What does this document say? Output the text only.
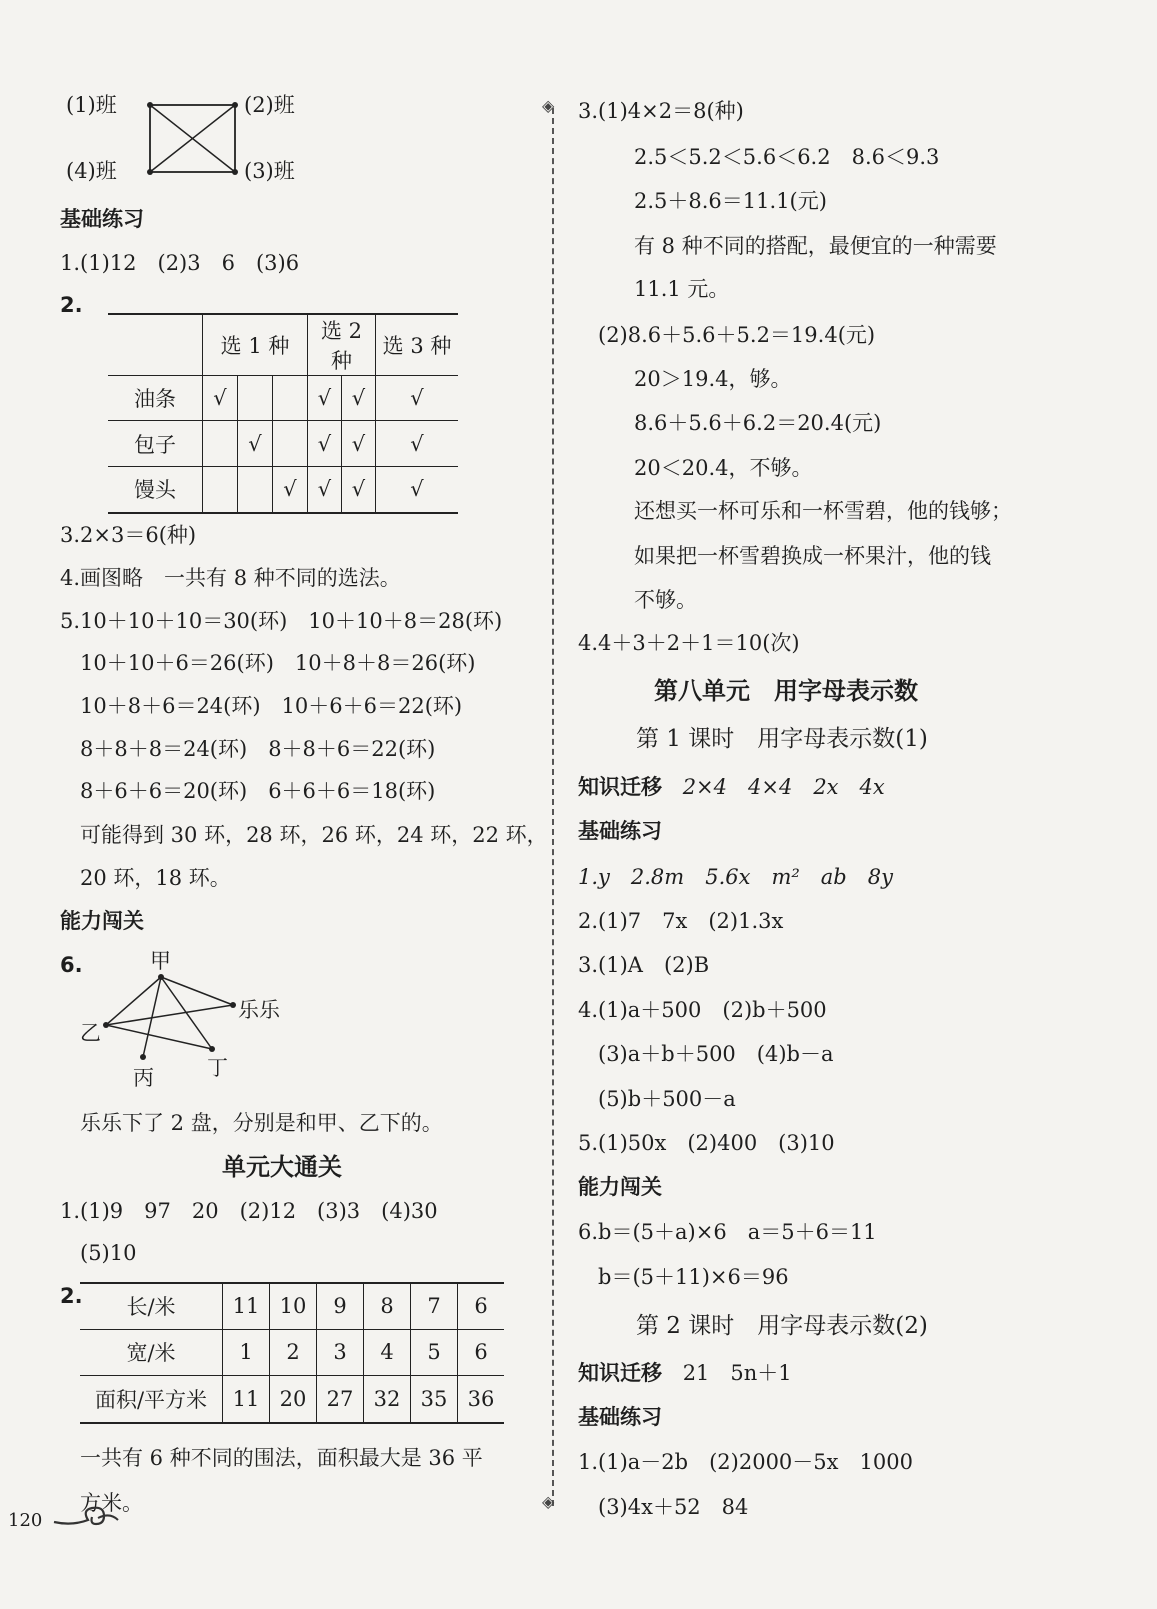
(1)班	(2)班
(4)班	(3)班
基础练习
1.(1)12　(2)3　6　(3)6
2.
	选 1 种			选 2 种		选 3 种
油条	√			√	√	√
包子		√		√	√	√
馒头			√	√	√	√
3.2×3＝6(种)
4.画图略　一共有 8 种不同的选法。
5.10＋10＋10＝30(环)　10＋10＋8＝28(环)
10＋10＋6＝26(环)　10＋8＋8＝26(环)
10＋8＋6＝24(环)　10＋6＋6＝22(环)
8＋8＋8＝24(环)　8＋8＋6＝22(环)
8＋6＋6＝20(环)　6＋6＋6＝18(环)
可能得到 30 环，28 环，26 环，24 环，22 环，
20 环，18 环。
能力闯关
6.	甲
乐乐
乙
丙	丁
乐乐下了 2 盘，分别是和甲、乙下的。
单元大通关
1.(1)9　97　20　(2)12　(3)3　(4)30
(5)10
2. 长/米	11	10	9	8	7	6
宽/米	1	2	3	4	5	6
面积/平方米	11	20	27	32	35	36
一共有 6 种不同的围法，面积最大是 36 平
方米。
120
◈
◈
3.(1)4×2＝8(种)
2.5＜5.2＜5.6＜6.2　8.6＜9.3
2.5＋8.6＝11.1(元)
有 8 种不同的搭配，最便宜的一种需要
11.1 元。
(2)8.6＋5.6＋5.2＝19.4(元)
20＞19.4，够。
8.6＋5.6＋6.2＝20.4(元)
20＜20.4，不够。
还想买一杯可乐和一杯雪碧，他的钱够；
如果把一杯雪碧换成一杯果汁，他的钱
不够。
4.4＋3＋2＋1＝10(次)
第八单元　用字母表示数
第 1 课时　用字母表示数(1)
知识迁移 2×4　4×4　2x　4x
基础练习
1.y　2.8m　5.6x　m²　ab　8y
2.(1)7　7x　(2)1.3x
3.(1)A　(2)B
4.(1)a＋500　(2)b＋500
(3)a＋b＋500　(4)b－a
(5)b＋500－a
5.(1)50x　(2)400　(3)10
能力闯关
6.b＝(5＋a)×6　a＝5＋6＝11
b＝(5＋11)×6＝96
第 2 课时　用字母表示数(2)
知识迁移 21　5n＋1
基础练习
1.(1)a－2b　(2)2000－5x　1000
(3)4x＋52　84
